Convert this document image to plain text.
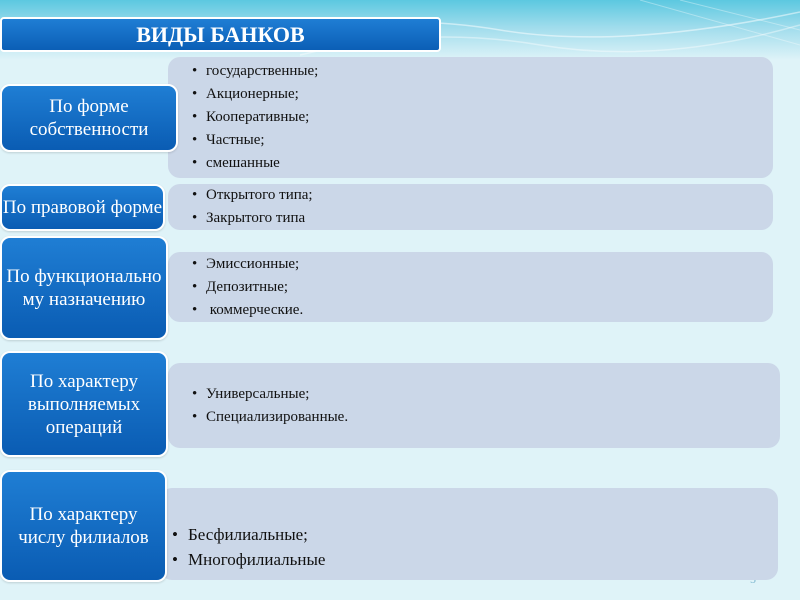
ВИДЫ БАНКОВ
По форме собственности
• государственные;
• Акционерные;
• Кооперативные;
• Частные;
• смешанные
По правовой форме
• Открытого типа;
• Закрытого типа
По функциональному назначению
• Эмиссионные;
• Депозитные;
•  коммерческие.
По характеру выполняемых операций
• Универсальные;
• Специализированные.
По характеру числу филиалов
•	Бесфилиальные;
• Многофилиальные
